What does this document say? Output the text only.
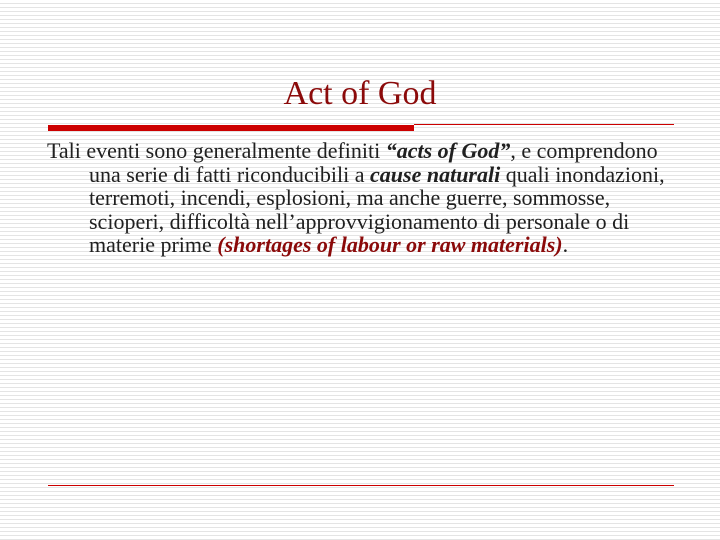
Act of God

Tali eventi sono generalmente definiti “acts of God”, e comprendono una serie di fatti riconducibili a cause naturali quali inondazioni, terremoti, incendi, esplosioni, ma anche guerre, sommosse, scioperi, difficoltà nell’approvvigionamento di personale o di materie prime (shortages of labour or raw materials).
